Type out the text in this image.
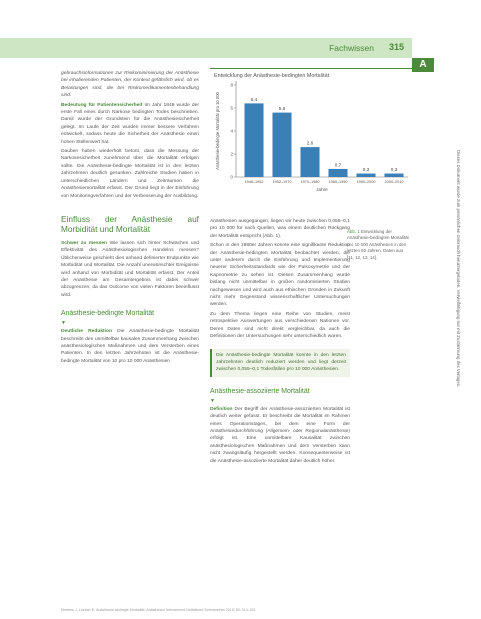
Fachwissen 315
A

gebrauchsinformationen zur Risikominimierung der Anästhesie bei inhalierenden Patienten, der Kontext gefährlich wird, ob es Belastungen sind, die bei Risikomedikamentenbehandlung sind.

Bedeutung für Patientensicherheit Im Jahr 1848 wurde der erste Fall eines durch Narkose bedingten Todes beschrieben. Damit wurde der Grundstein für die Anästhesiesicherheit gelegt. Im Laufe der Zeit wurden immer bessere Verfahren entwickelt, sodass heute die Sicherheit der Anästhesie einen hohen Stellenwert hat.

Dauben haben wiederholt betont, dass die Messung der Narkosesicherheit zunehmend über die Mortalität erfolgen sollte. Die Anästhesie-bedingte Mortalität ist in den letzten Jahrzehnten deutlich gesunken. Zahlreiche Studien haben in unterschiedlichen Ländern und Zeiträumen die Anästhesiemortalität erfasst. Der Grund liegt in der Einführung von Monitoringverfahren und der Verbesserung der Ausbildung.

Einfluss der Anästhesie auf Morbidität und Mortalität

Schwer zu messen Wie lassen sich hinter Schwächen und Effektivität des Anästhesiologischen Handelns messen? Üblicherweise geschieht dies anhand definierter Endpunkte wie Morbidität und Mortalität. Die Anzahl unerwünschter Ereignisse wird anhand von Morbidität und Mortalität erfasst. Der Anteil der Anästhesie am Gesamtergebnis ist dabei schwer abzugrenzen, da das Outcome von vielen Faktoren beeinflusst wird.

Anästhesie-bedingte Mortalität
▼

Deutliche Reduktion Die Anästhesie-bedingte Mortalität beschreibt den unmittelbar kausalen Zusammenhang zwischen anästhesiologischen Maßnahmen und dem Versterben eines Patienten. In den letzten Jahrzehnten ist die Anästhesie-bedingte Mortalität von 10 pro 10 000 Anästhesien

Entwicklung der Anästhesie-bedingten Mortalität
0
2
4
6
8
6,4
1948–1952
5,6
1952–1970
2,6
1970–1980
0,7
1980–1990
0,3
1990–2000
0,3
2000–2010
Jahre
Anästhesie-bedingte Mortalität pro 10 000
Abb. 1 Entwicklung der Anästhesie-bedingten Mortalität pro 10 000 Anästhesien in den letzten 60 Jahren. Daten aus [11, 12, 13, 14].

Anästhesien ausgegangen, liegen wir heute zwischen 0,055–0,1 pro 10 000 für nach Quellen, was einem deutlichen Rückgang der Mortalität entspricht (Abb. 1).

Schon in den 1980er Jahren konnte eine signifikante Reduktion der Anästhesie-bedingten Mortalität beobachtet werden, die unter anderem durch die Einführung und Implementierung neuerer Sicherheitsstandards wie der Pulsoxymetrie und der Kapnometrie zu sehen ist. Diesen Zusammenhang wurde bislang nicht unmittelbar in großen randomisierten Studien nachgewiesen und wird auch aus ethischen Gründen in Zukunft nicht mehr Gegenstand wissenschaftlicher Untersuchungen werden.

Zu dem Thema liegen eine Reihe von Studien, meist retrospektive Auswertungen aus verschiedenen Nationen vor. Deren Daten sind nicht direkt vergleichbar, da auch die Definitionen der Untersuchungen sehr unterschiedlich waren.

Die Anästhesie-bedingte Mortalität konnte in den letzten Jahrzehnten deutlich reduziert werden und liegt derzeit zwischen 0,055–0,1 Todesfällen pro 10 000 Anästhesien.
Anästhesie-assoziierte Mortalität
▼

Definition Der Begriff der Anästhesie-assoziierten Mortalität ist deutlich weiter gefasst. Er beschreibt die Mortalität im Rahmen eines Operationstages, bei dem eine Form der Anästhesiedurchführung (Allgemein- oder Regionalanästhesie) erfolgt ist. Eine unmittelbare Kausalität zwischen anästhesiologischen Maßnahmen und dem Versterben kann nicht zwangsläufig hergestellt werden. Konsequenterweise ist die Anästhesie-assoziierte Mortalität daher deutlich höher.

Mertens J, Lindner E. Anästhesie-bedingte Mortalität. Anästhesiol Intensivmed Notfallmed Schmerzther 2015; 50: 314–321
Dieses Dokument wurde zum persönlichen Gebrauch heruntergeladen. Vervielfältigung nur mit Zustimmung des Verlages.
